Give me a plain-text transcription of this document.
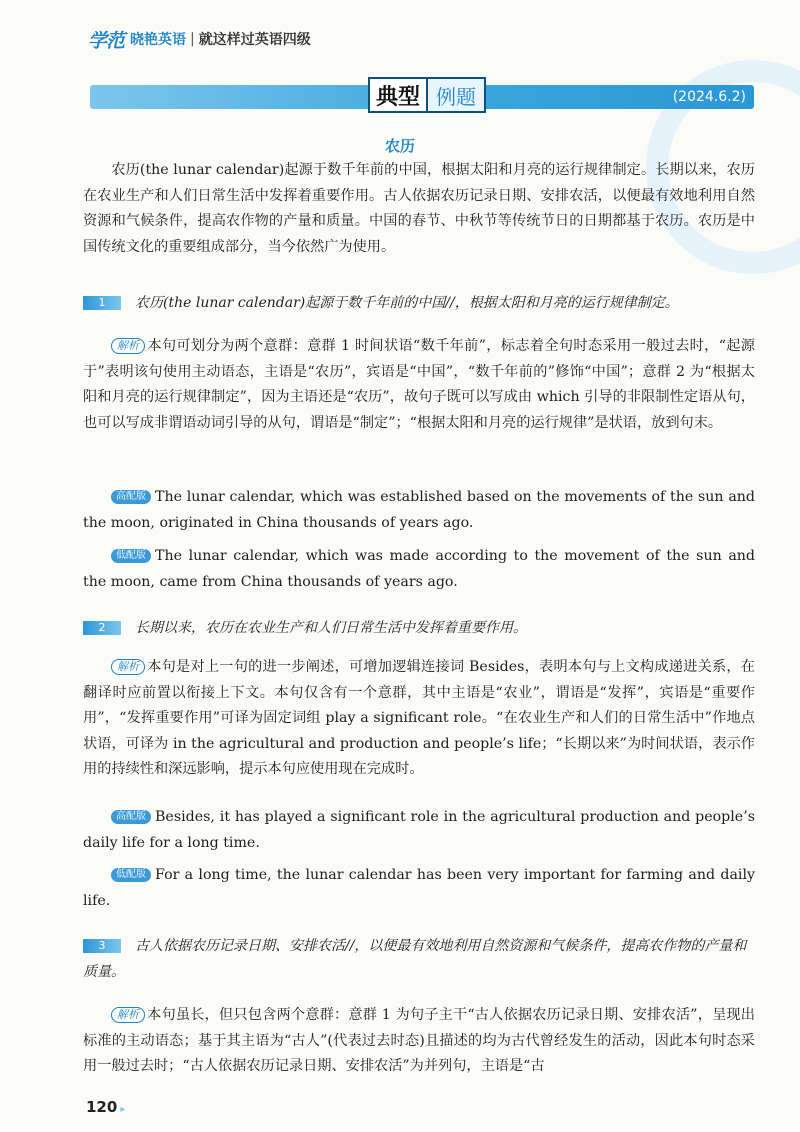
学范 晓艳英语 | 就这样过英语四级
典型 例题	(2024.6.2)
农历

农历(the lunar calendar)起源于数千年前的中国，根据太阳和月亮的运行规律制定。长期以来，农历在农业生产和人们日常生活中发挥着重要作用。古人依据农历记录日期、安排农活，以便最有效地利用自然资源和气候条件，提高农作物的产量和质量。中国的春节、中秋节等传统节日的日期都基于农历。农历是中国传统文化的重要组成部分，当今依然广为使用。

1 农历(the lunar calendar)起源于数千年前的中国//，根据太阳和月亮的运行规律制定。

解析 本句可划分为两个意群：意群 1 时间状语“数千年前”，标志着全句时态采用一般过去时，“起源于”表明该句使用主动语态，主语是“农历”，宾语是“中国”，“数千年前的”修饰“中国”；意群 2 为“根据太阳和月亮的运行规律制定”，因为主语还是“农历”，故句子既可以写成由 which 引导的非限制性定语从句，也可以写成非谓语动词引导的从句，谓语是“制定”；“根据太阳和月亮的运行规律”是状语，放到句末。

高配版 The lunar calendar, which was established based on the movements of the sun and the moon, originated in China thousands of years ago.

低配版 The lunar calendar, which was made according to the movement of the sun and the moon, came from China thousands of years ago.

2 长期以来，农历在农业生产和人们日常生活中发挥着重要作用。

解析 本句是对上一句的进一步阐述，可增加逻辑连接词 Besides，表明本句与上文构成递进关系，在翻译时应前置以衔接上下文。本句仅含有一个意群，其中主语是“农业”，谓语是“发挥”，宾语是“重要作用”，“发挥重要作用”可译为固定词组 play a significant role。“在农业生产和人们的日常生活中”作地点状语，可译为 in the agricultural and production and people’s life；“长期以来”为时间状语，表示作用的持续性和深远影响，提示本句应使用现在完成时。

高配版 Besides, it has played a significant role in the agricultural production and people’s daily life for a long time.

低配版 For a long time, the lunar calendar has been very important for farming and daily life.

3 古人依据农历记录日期、安排农活//，以便最有效地利用自然资源和气候条件，提高农作物的产量和质量。

解析 本句虽长，但只包含两个意群：意群 1 为句子主干“古人依据农历记录日期、安排农活”，呈现出标准的主动语态；基于其主语为“古人”(代表过去时态)且描述的均为古代曾经发生的活动，因此本句时态采用一般过去时；“古人依据农历记录日期、安排农活”为并列句，主语是“古

120 ▸
